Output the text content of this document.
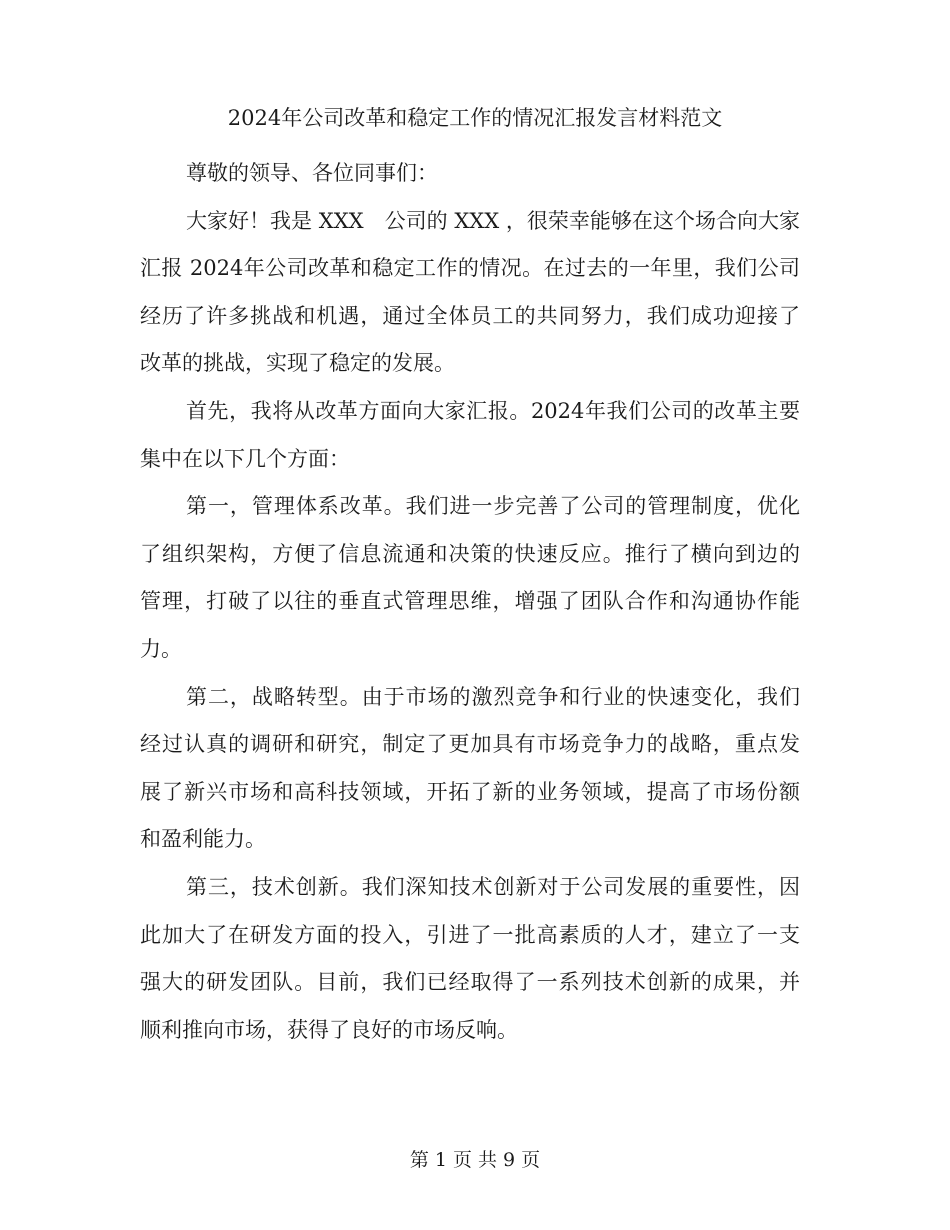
2024年公司改革和稳定工作的情况汇报发言材料范文
尊敬的领导、各位同事们：
大家好！我是 XXX　公司的 XXX ，很荣幸能够在这个场合向大家
汇报 2024年公司改革和稳定工作的情况。在过去的一年里，我们公司
经历了许多挑战和机遇，通过全体员工的共同努力，我们成功迎接了
改革的挑战，实现了稳定的发展。
首先，我将从改革方面向大家汇报。2024年我们公司的改革主要
集中在以下几个方面：
第一，管理体系改革。我们进一步完善了公司的管理制度，优化
了组织架构，方便了信息流通和决策的快速反应。推行了横向到边的
管理，打破了以往的垂直式管理思维，增强了团队合作和沟通协作能
力。
第二，战略转型。由于市场的激烈竞争和行业的快速变化，我们
经过认真的调研和研究，制定了更加具有市场竞争力的战略，重点发
展了新兴市场和高科技领域，开拓了新的业务领域，提高了市场份额
和盈利能力。
第三，技术创新。我们深知技术创新对于公司发展的重要性，因
此加大了在研发方面的投入，引进了一批高素质的人才，建立了一支
强大的研发团队。目前，我们已经取得了一系列技术创新的成果，并
顺利推向市场，获得了良好的市场反响。
第 1 页 共 9 页
